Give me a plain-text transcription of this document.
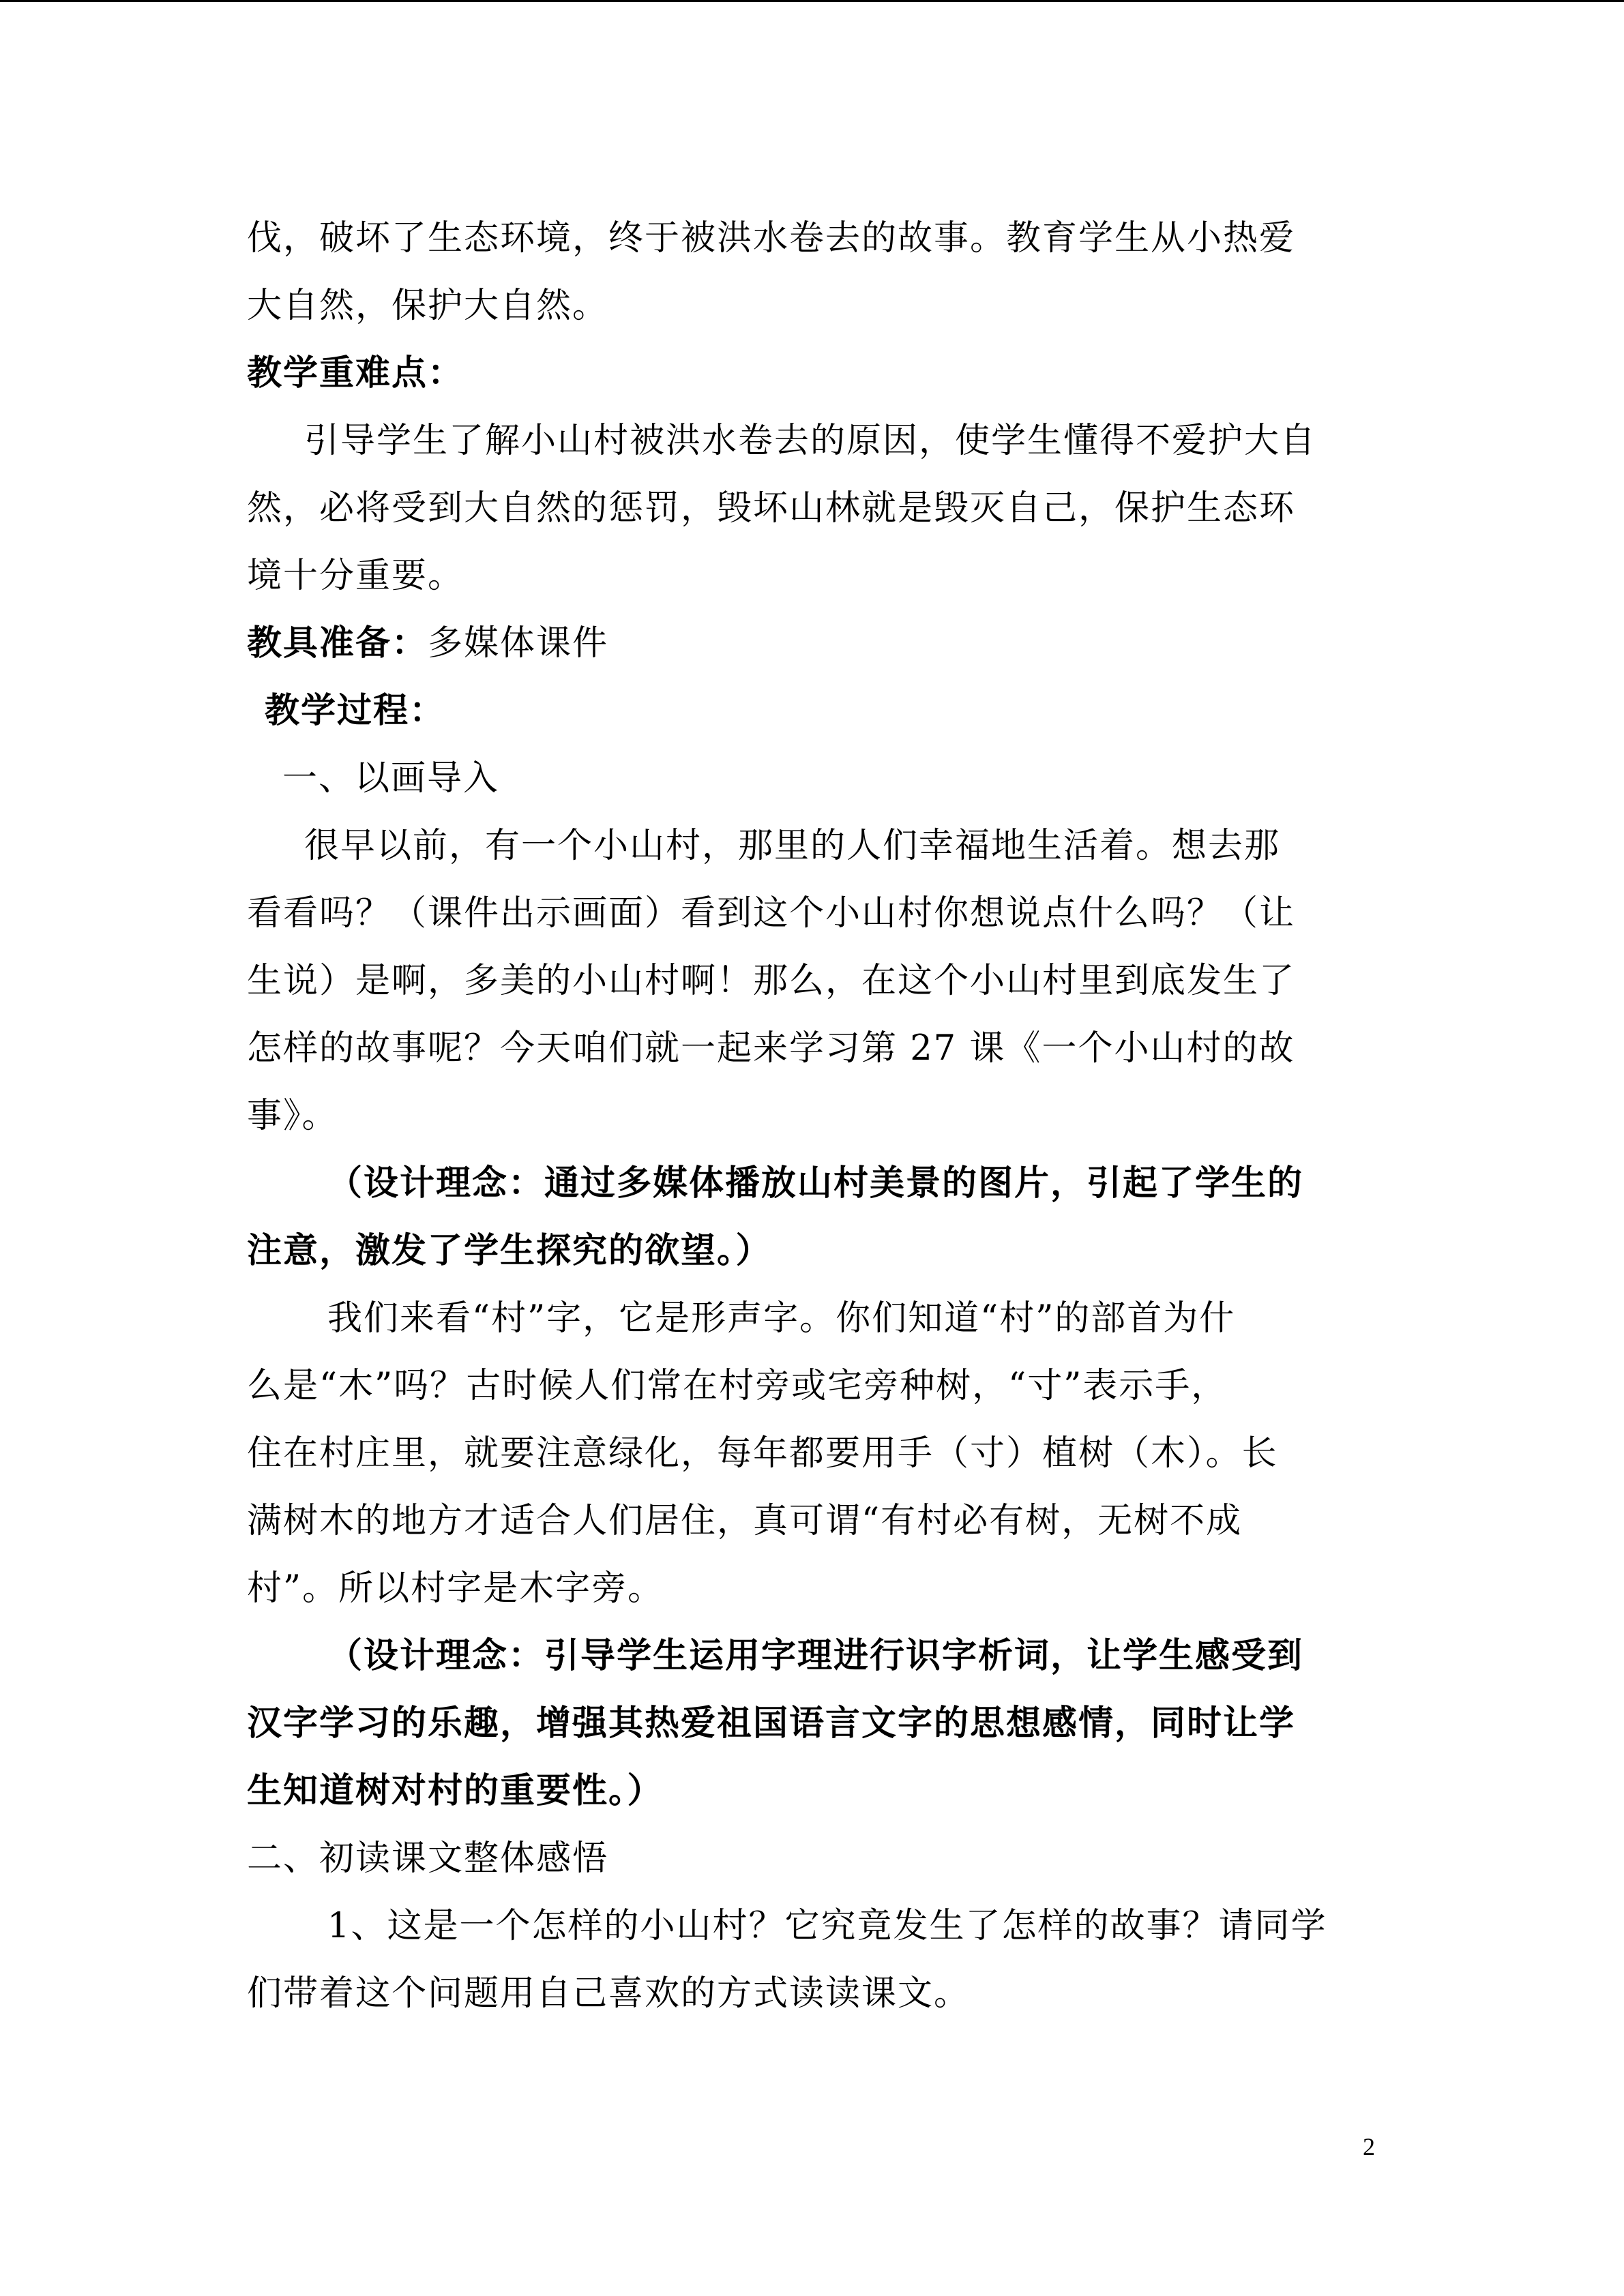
伐，破坏了生态环境，终于被洪水卷去的故事。教育学生从小热爱
大自然，保护大自然。
教学重难点：
引导学生了解小山村被洪水卷去的原因，使学生懂得不爱护大自
然，必将受到大自然的惩罚，毁坏山林就是毁灭自己，保护生态环
境十分重要。
教具准备：多媒体课件
教学过程：
一、以画导入
很早以前，有一个小山村，那里的人们幸福地生活着。想去那
看看吗？（课件出示画面）看到这个小山村你想说点什么吗？（让
生说）是啊，多美的小山村啊！那么，在这个小山村里到底发生了
怎样的故事呢？今天咱们就一起来学习第 27 课《一个小山村的故
事》。
（设计理念：通过多媒体播放山村美景的图片，引起了学生的
注意，激发了学生探究的欲望。）
我们来看“村”字，它是形声字。你们知道“村”的部首为什
么是“木”吗？古时候人们常在村旁或宅旁种树，“寸”表示手，
住在村庄里，就要注意绿化，每年都要用手（寸）植树（木）。长
满树木的地方才适合人们居住，真可谓“有村必有树，无树不成
村”。所以村字是木字旁。
（设计理念：引导学生运用字理进行识字析词，让学生感受到
汉字学习的乐趣，增强其热爱祖国语言文字的思想感情，同时让学
生知道树对村的重要性。）
二、初读课文整体感悟
1、这是一个怎样的小山村？它究竟发生了怎样的故事？请同学
们带着这个问题用自己喜欢的方式读读课文。
2
